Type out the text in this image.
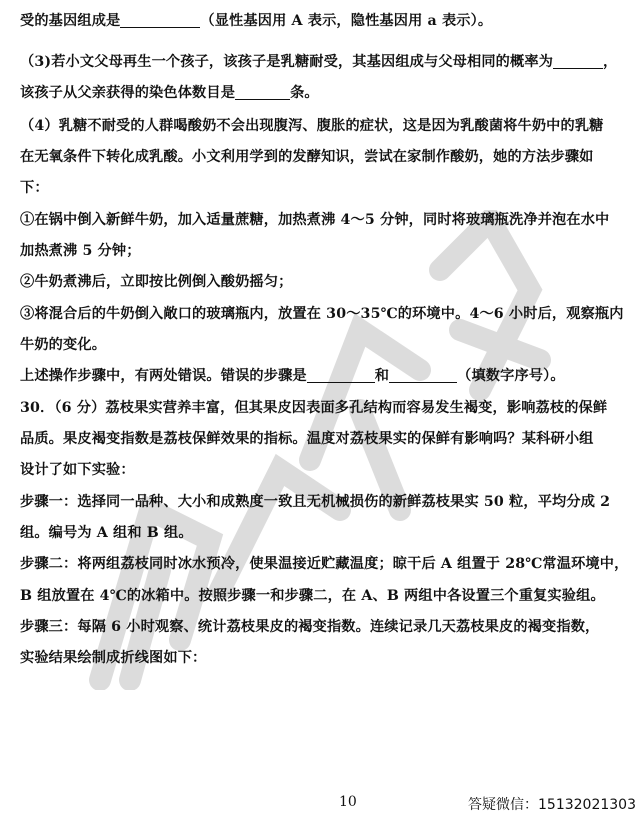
受的基因组成是	（显性基因用 A 表示，隐性基因用 a 表示）。
（3)若小文父母再生一个孩子，该孩子是乳糖耐受，其基因组成与父母相同的概率为	，
该孩子从父亲获得的染色体数目是	条。
（4）乳糖不耐受的人群喝酸奶不会出现腹泻、腹胀的症状，这是因为乳酸菌将牛奶中的乳糖
在无氧条件下转化成乳酸。小文利用学到的发酵知识，尝试在家制作酸奶，她的方法步骤如
下：
①在锅中倒入新鲜牛奶，加入适量蔗糖，加热煮沸 4～5 分钟，同时将玻璃瓶洗净并泡在水中
加热煮沸 5 分钟；
②牛奶煮沸后，立即按比例倒入酸奶摇匀；
③将混合后的牛奶倒入敞口的玻璃瓶内，放置在 30～35℃的环境中。4～6 小时后，观察瓶内
牛奶的变化。
上述操作步骤中，有两处错误。错误的步骤是	和	（填数字序号）。
30．（6 分）荔枝果实营养丰富，但其果皮因表面多孔结构而容易发生褐变，影响荔枝的保鲜
品质。果皮褐变指数是荔枝保鲜效果的指标。温度对荔枝果实的保鲜有影响吗？某科研小组
设计了如下实验：
步骤一：选择同一品种、大小和成熟度一致且无机械损伤的新鲜荔枝果实 50 粒，平均分成 2
组。编号为 A 组和 B 组。
步骤二：将两组荔枝同时冰水预冷，使果温接近贮藏温度；晾干后 A 组置于 28℃常温环境中，
B 组放置在 4℃的冰箱中。按照步骤一和步骤二，在 A、B 两组中各设置三个重复实验组。
步骤三：每隔 6 小时观察、统计荔枝果皮的褐变指数。连续记录几天荔枝果皮的褐变指数，
实验结果绘制成折线图如下：
10	答疑微信：15132021303
